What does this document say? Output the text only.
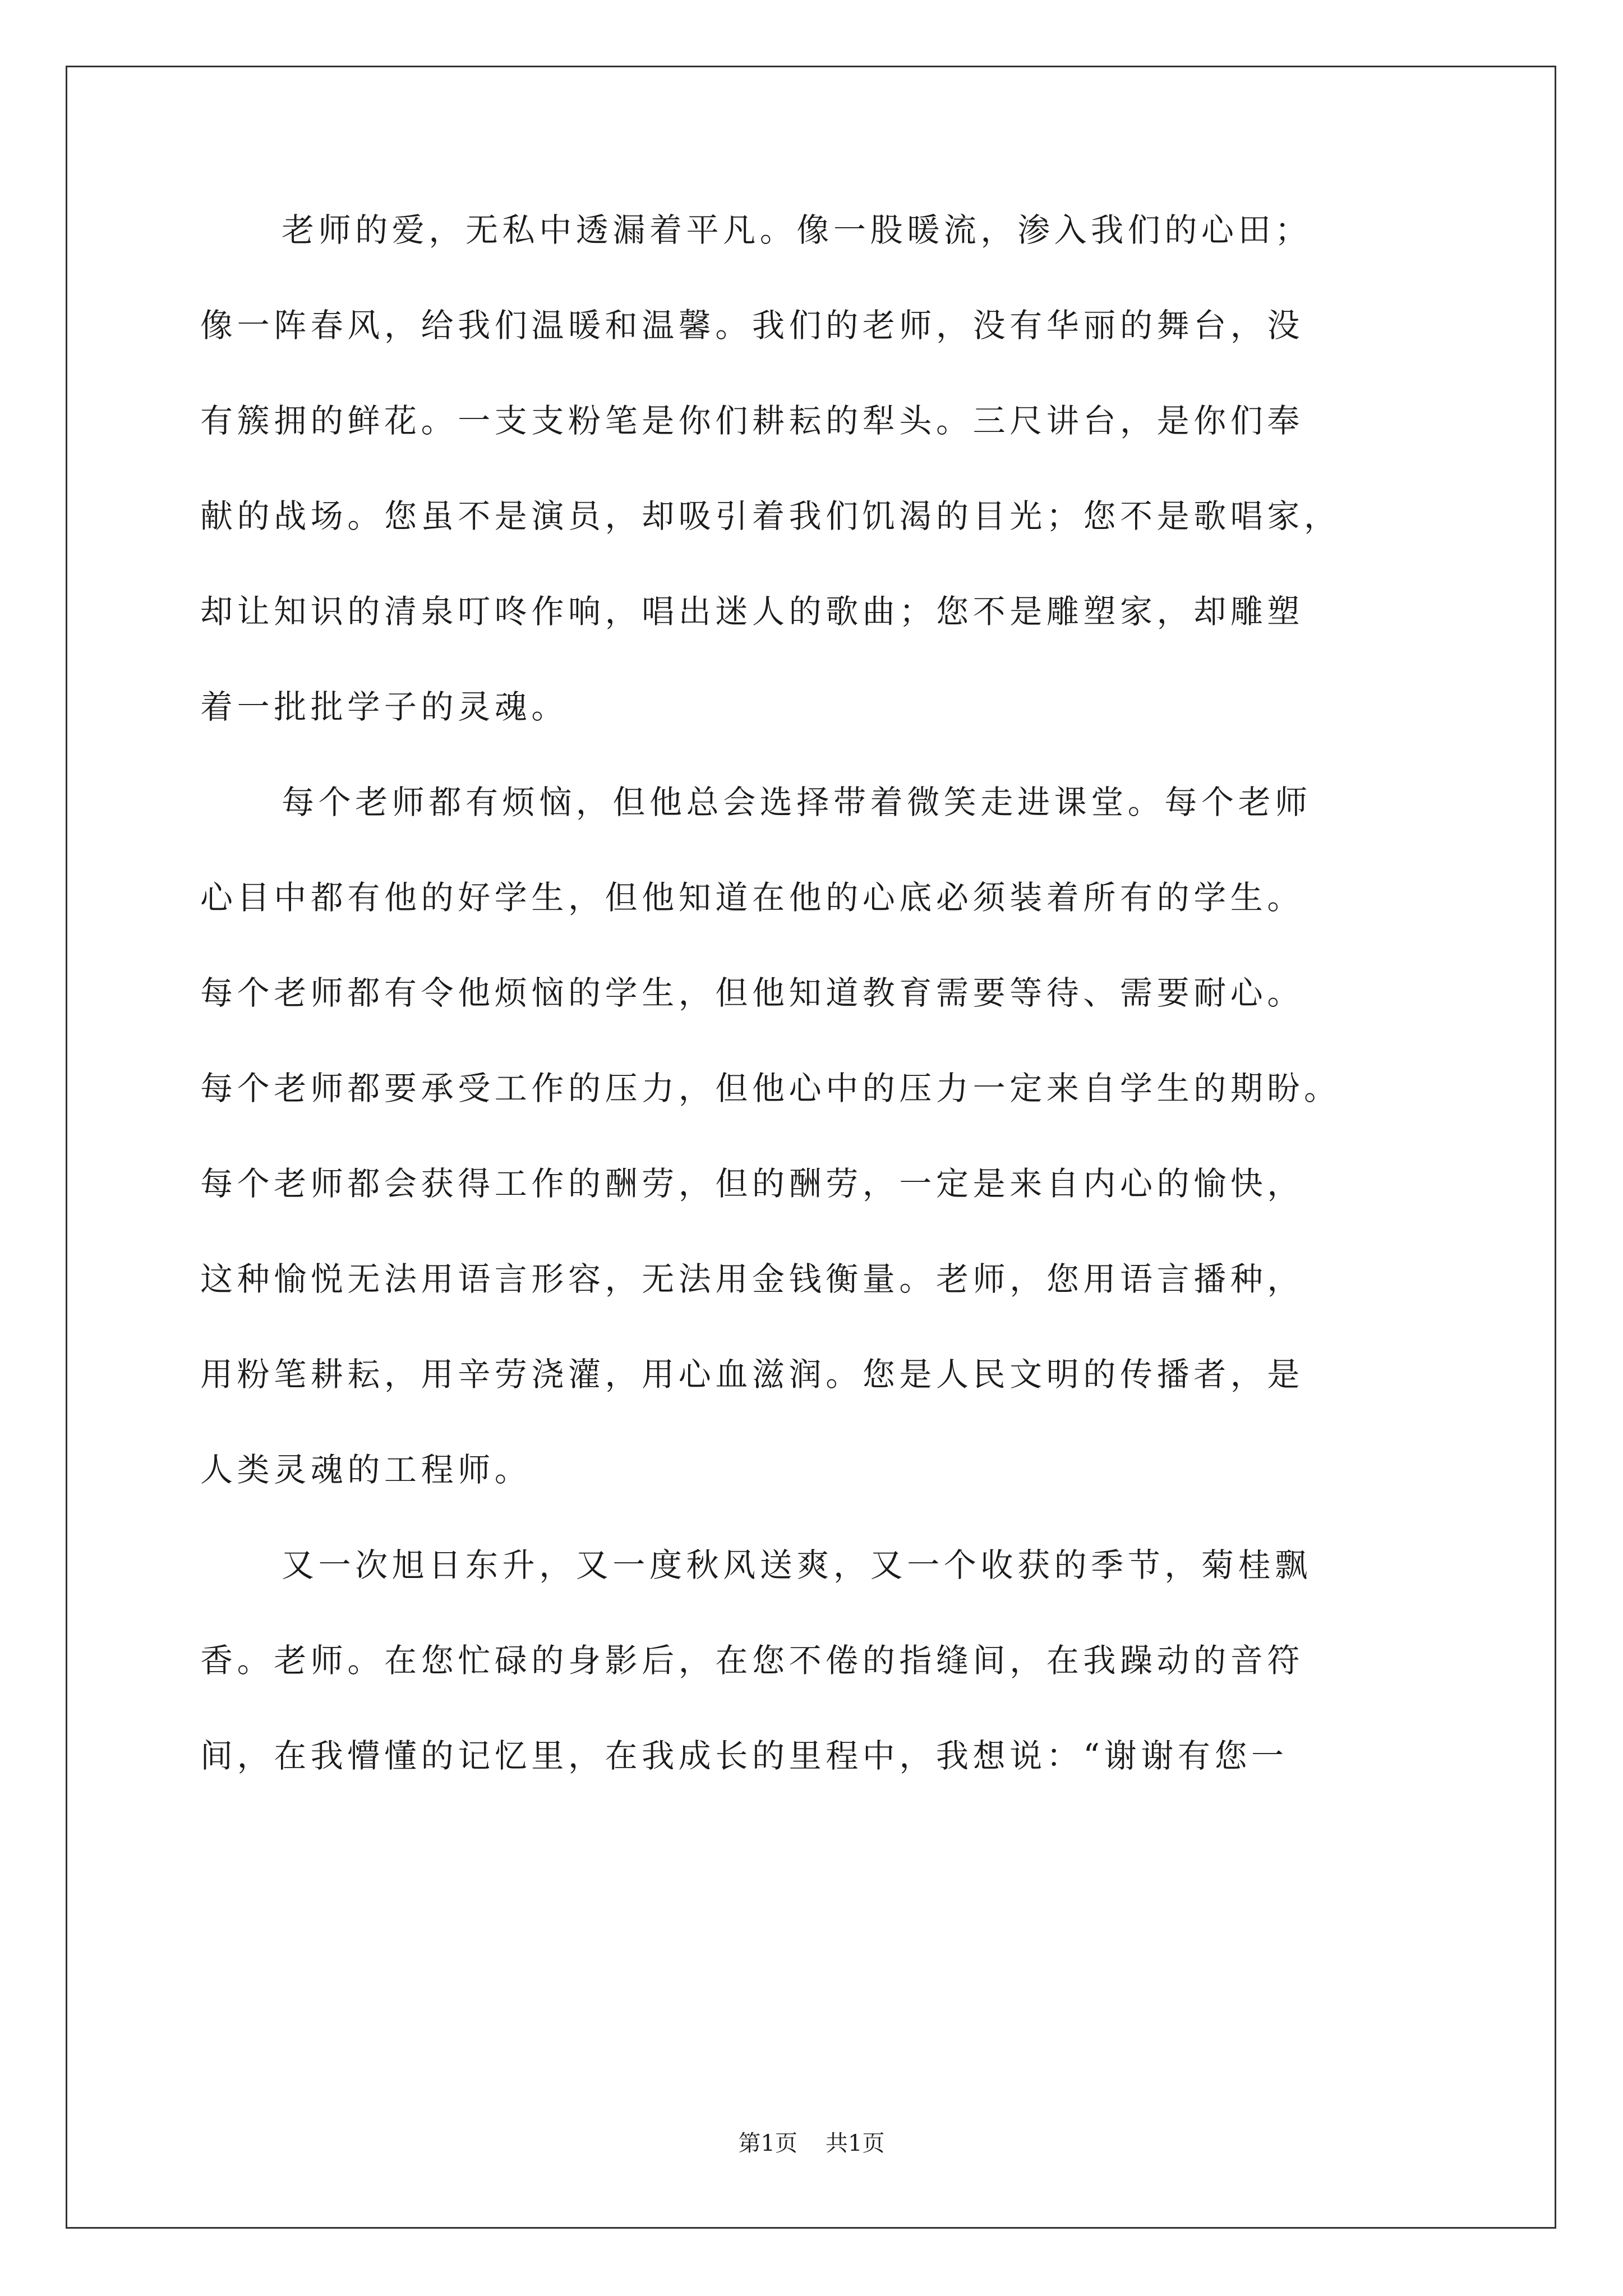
老师的爱，无私中透漏着平凡。像一股暖流，渗入我们的心田；
像一阵春风，给我们温暖和温馨。我们的老师，没有华丽的舞台，没
有簇拥的鲜花。一支支粉笔是你们耕耘的犁头。三尺讲台，是你们奉
献的战场。您虽不是演员，却吸引着我们饥渴的目光；您不是歌唱家，
却让知识的清泉叮咚作响，唱出迷人的歌曲；您不是雕塑家，却雕塑
着一批批学子的灵魂。
每个老师都有烦恼，但他总会选择带着微笑走进课堂。每个老师
心目中都有他的好学生，但他知道在他的心底必须装着所有的学生。
每个老师都有令他烦恼的学生，但他知道教育需要等待、需要耐心。
每个老师都要承受工作的压力，但他心中的压力一定来自学生的期盼。
每个老师都会获得工作的酬劳，但的酬劳，一定是来自内心的愉快，
这种愉悦无法用语言形容，无法用金钱衡量。老师，您用语言播种，
用粉笔耕耘，用辛劳浇灌，用心血滋润。您是人民文明的传播者，是
人类灵魂的工程师。
又一次旭日东升，又一度秋风送爽，又一个收获的季节，菊桂飘
香。老师。在您忙碌的身影后，在您不倦的指缝间，在我躁动的音符
间，在我懵懂的记忆里，在我成长的里程中，我想说：“谢谢有您一
第1页 共1页
